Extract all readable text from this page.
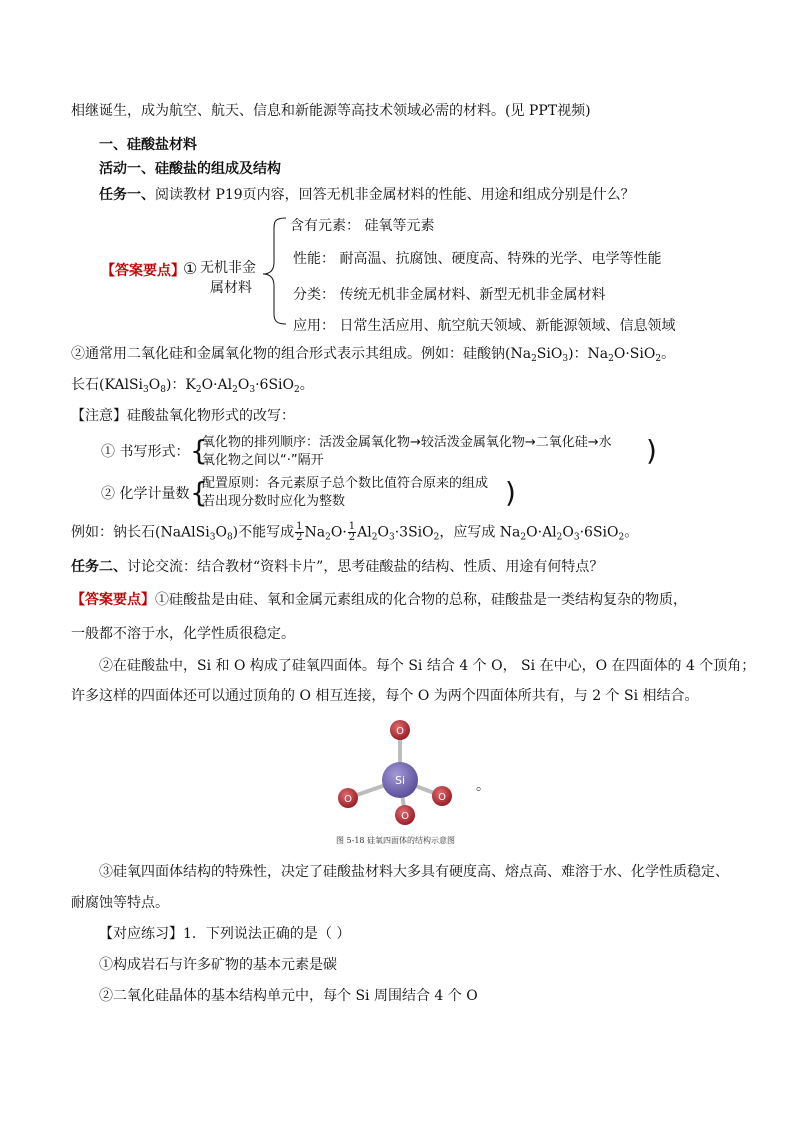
相继诞生，成为航空、航天、信息和新能源等高技术领域必需的材料。(见 PPT视频)
一、硅酸盐材料
活动一、硅酸盐的组成及结构
任务一、阅读教材 P19页内容，回答无机非金属材料的性能、用途和组成分别是什么？
【答案要点】
① 无机非金
属材料
含有元素： 硅氧等元素
性能： 耐高温、抗腐蚀、硬度高、特殊的光学、电学等性能
分类： 传统无机非金属材料、新型无机非金属材料
应用： 日常生活应用、航空航天领域、新能源领域、信息领域
②通常用二氧化硅和金属氧化物的组合形式表示其组成。例如：硅酸钠$(Na_2SiO_3)$：$Na_2O\cdot SiO_2$。
长石$(KAlSi_3O_8)$：$K_2O\cdot Al_2O_3\cdot 6SiO_2$。
【注意】硅酸盐氧化物形式的改写：
① 书写形式： {
氧化物的排列顺序：活泼金属氧化物→较活泼金属氧化物→二氧化硅→水
氧化物之间以“·”隔开	)
② 化学计量数 {
配置原则：各元素原子总个数比值符合原来的组成
若出现分数时应化为整数	)
例如：钠长石$(NaAlSi_3O_8)$不能写成 $\frac{1}{2} Na_2O\cdot \frac{1}{2} Al_2O_3\cdot 3SiO_2$，应写成 $Na_2O\cdot Al_2O_3\cdot 6SiO_2$。
任务二、讨论交流：结合教材“资料卡片”，思考硅酸盐的结构、性质、用途有何特点？
【答案要点】①硅酸盐是由硅、氧和金属元素组成的化合物的总称，硅酸盐是一类结构复杂的物质，
一般都不溶于水，化学性质很稳定。
②在硅酸盐中，Si 和 O 构成了硅氧四面体。每个 Si 结合 4 个 O， Si 在中心，O 在四面体的 4 个顶角；
许多这样的四面体还可以通过顶角的 O 相互连接，每个 O 为两个四面体所共有，与 2 个 Si 相结合。
O
O	O
Si
O
。
图 5-18 硅氧四面体的结构示意图
③硅氧四面体结构的特殊性，决定了硅酸盐材料大多具有硬度高、熔点高、难溶于水、化学性质稳定、
耐腐蚀等特点。
【对应练习】1．下列说法正确的是（ ）
①构成岩石与许多矿物的基本元素是碳
②二氧化硅晶体的基本结构单元中，每个 Si 周围结合 4 个 O
